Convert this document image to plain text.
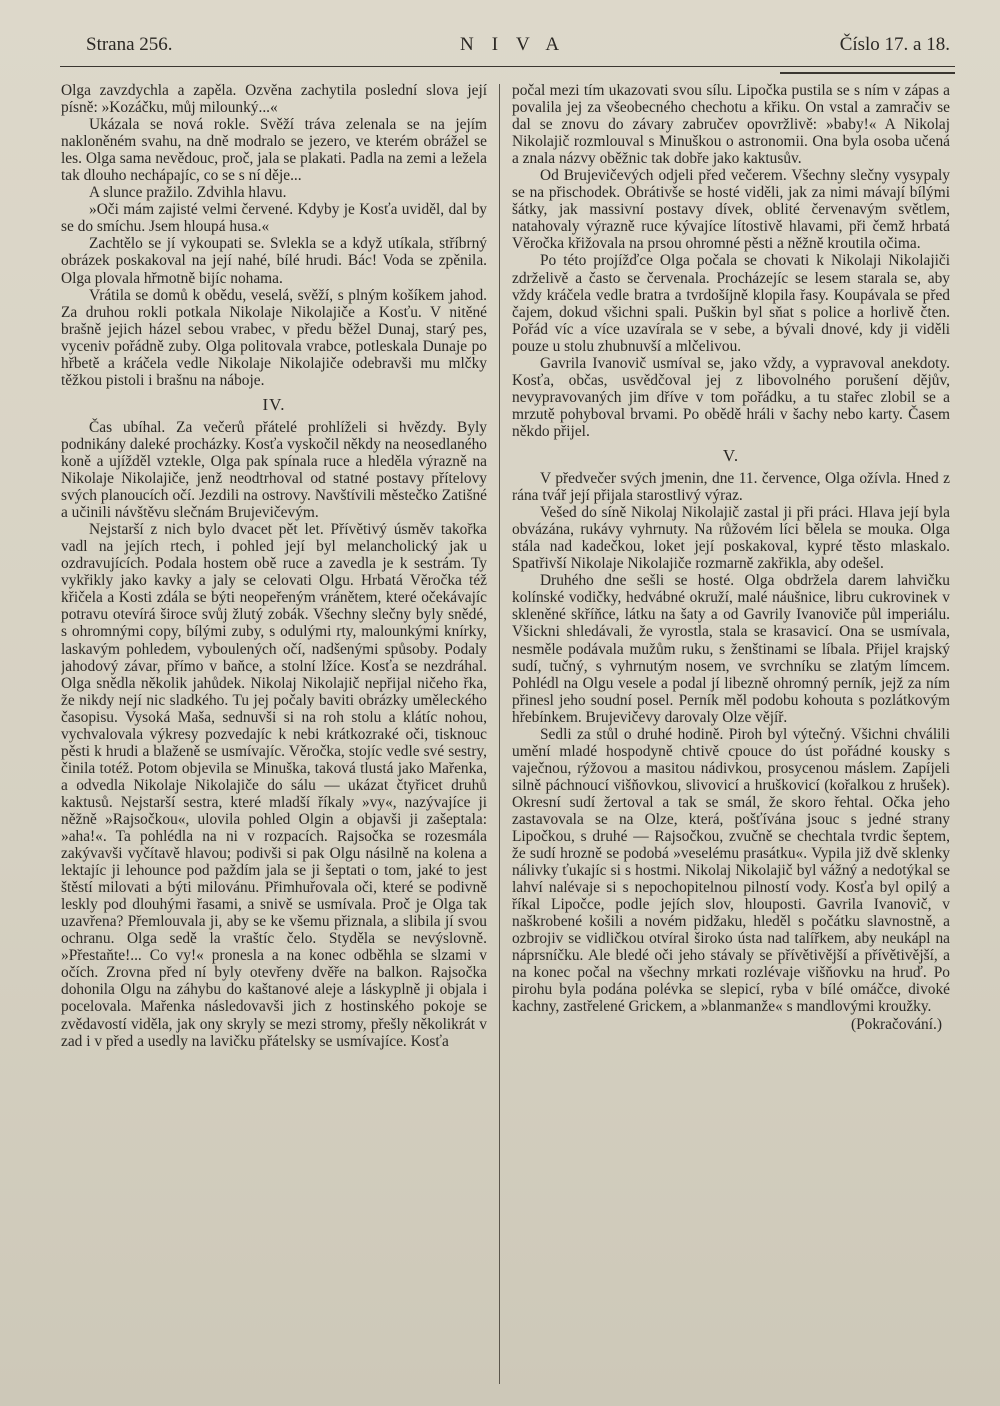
Strana 256.	NIVA	Číslo 17. a 18.

Olga zavzdychla a zapěla. Ozvěna zachytila poslední slova její písně: »Kozáčku, můj milounký...«

Ukázala se nová rokle. Svěží tráva zelenala se na jejím nakloněném svahu, na dně modralo se jezero, ve kterém obrážel se les. Olga sama nevědouc, proč, jala se plakati. Padla na zemi a ležela tak dlouho nechápajíc, co se s ní děje...

A slunce pražilo. Zdvihla hlavu.

»Oči mám zajisté velmi červené. Kdyby je Kosťa uviděl, dal by se do smíchu. Jsem hloupá husa.«

Zachtělo se jí vykoupati se. Svlekla se a když utíkala, stříbrný obrázek poskakoval na její nahé, bílé hrudi. Bác! Voda se zpěnila. Olga plovala hřmotně bijíc nohama.

Vrátila se domů k obědu, veselá, svěží, s plným košíkem jahod. Za druhou rokli potkala Nikolaje Nikolajiče a Kosťu. V nitěné brašně jejich házel sebou vrabec, v předu běžel Dunaj, starý pes, vyceniv pořádně zuby. Olga politovala vrabce, potleskala Dunaje po hřbetě a kráčela vedle Nikolaje Nikolajiče odebravši mu mlčky těžkou pistoli i brašnu na náboje.

IV.

Čas ubíhal. Za večerů přátelé prohlíželi si hvězdy. Byly podnikány daleké procházky. Kosťa vyskočil někdy na neosedlaného koně a ujížděl vzteklе, Olga pak spínala ruce a hleděla výrazně na Nikolaje Nikolajiče, jenž neodtrhoval od statné postavy přítelovy svých planoucích očí. Jezdili na ostrovy. Navštívili městečko Zatišné a učinili návštěvu slečnám Brujevičevým.

Nejstarší z nich bylo dvacet pět let. Přívětivý úsměv takořka vadl na jejích rtech, i pohled její byl melancholický jak u ozdravujících. Podala hostem obě ruce a zavedla je k sestrám. Ty vykřikly jako kavky a jaly se celovati Olgu. Hrbatá Věročka též křičela a Kosti zdála se býti neopeřeným vránětem, které očekávajíc potravu otevírá široce svůj žlutý zobák. Všechny slečny byly snědé, s ohromnými copy, bílými zuby, s odulými rty, malounkými knírky, laskavým pohledem, vyboulených očí, nadšenými spůsoby. Podaly jahodový závar, přímo v baňce, a stolní lžíce. Kosťa se nezdráhal. Olga snědla několik jahůdek. Nikolaj Nikolajič nepřijal ničeho řka, že nikdy nejí nic sladkého. Tu jej počaly baviti obrázky uměleckého časopisu. Vysoká Maša, sednuvši si na roh stolu a klátíc nohou, vychvalovala výkresy pozvedajíc k nebi krátkozraké oči, tisknouc pěsti k hrudi a blaženě se usmívajíc. Věročka, stojíc vedle své sestry, činila totéž. Potom objevila se Minuška, taková tlustá jako Mařenka, a odvedla Nikolaje Nikolajiče do sálu — ukázat čtyřicet druhů kaktusů. Nejstarší sestra, které mladší říkaly »vy«, nazývajíce ji něžně »Rajsočkou«, ulovila pohled Olgin a objavši ji zašeptala: »aha!«. Ta pohlédla na ni v rozpacích. Rajsočka se rozesmála zakývavši vyčítavě hlavou; podivši si pak Olgu násilně na kolena a lektajíc ji lehounce pod paždím jala se ji šeptati o tom, jaké to jest štěstí milovati a býti milovánu. Přimhuřovala oči, které se podivně leskly pod dlouhými řasami, a snivě se usmívala. Proč je Olga tak uzavřena? Přemlouvala ji, aby se ke všemu přiznala, a slibila jí svou ochranu. Olga sedě la vraštíc čelo. Styděla se nevýslovně. »Přestaňte!... Co vy!« pronesla a na konec odběhla se slzami v očích. Zrovna před ní byly otevřeny dvěře na balkon. Rajsočka dohonila Olgu na záhybu do kaštanové aleje a láskyplně ji objala i pocelovala. Mařenka následovavši jich z hostinského pokoje se zvědavostí viděla, jak ony skryly se mezi stromy, přešly několikrát v zad i v před a usedly na lavičku přátelsky se usmívajíce. Kosťa

počal mezi tím ukazovati svou sílu. Lipočka pustila se s ním v zápas a povalila jej za všeobecného chechotu a křiku. On vstal a zamračiv se dal se znovu do závary zabručev opovržlivě: »baby!« A Nikolaj Nikolajič rozmlouval s Minuškou o astronomii. Ona byla osoba učená a znala názvy oběžnic tak dobře jako kaktusův.

Od Brujevičevých odjeli před večerem. Všechny slečny vysypaly se na přischodek. Obrátivše se hosté viděli, jak za nimi mávají bílými šátky, jak massivní postavy dívek, oblité červenavým světlem, natahovaly výrazně ruce kývajíce lítostivě hlavami, při čemž hrbatá Věročka křižovala na prsou ohromné pěsti a něžně kroutila očima.

Po této projížďce Olga počala se chovati k Nikolaji Nikolajiči zdrželivě a často se červenala. Procházejíc se lesem starala se, aby vždy kráčela vedle bratra a tvrdošíjně klopila řasy. Koupávala se před čajem, dokud všichni spali. Puškin byl sňat s police a horlivě čten. Pořád víc a více uzavírala se v sebe, a bývali dnové, kdy ji viděli pouze u stolu zhubnuvší a mlčelivou.

Gavrila Ivanovič usmíval se, jako vždy, a vypravoval anekdoty. Kosťa, občas, usvědčoval jej z libovolného porušení dějův, nevypravovaných jim dříve v tom pořádku, a tu stařec zlobil se a mrzutě pohyboval brvami. Po obědě hráli v šachy nebo karty. Časem někdo přijel.

V.

V předvečer svých jmenin, dne 11. července, Olga ožívla. Hned z rána tvář její přijala starostlivý výraz.

Vešed do síně Nikolaj Nikolajič zastal ji při práci. Hlava její byla obvázána, rukávy vyhrnuty. Na růžovém líci bělela se mouka. Olga stála nad kadečkou, loket její poskakoval, kypré těsto mlaskalo. Spatřivší Nikolaje Nikolajiče rozmarně zakřikla, aby odešel.

Druhého dne sešli se hosté. Olga obdržela darem lahvičku kolínské vodičky, hedvábné okruží, malé náušnice, libru cukrovinek v skleněné skříňce, látku na šaty a od Gavrily Ivanoviče půl imperiálu. Všickni shledávali, že vyrostla, stala se krasavicí. Ona se usmívala, nesměle podávala mužům ruku, s ženštinami se líbala. Přijel krajský sudí, tučný, s vyhrnutým nosem, ve svrchníku se zlatým límcem. Pohlédl na Olgu vesele a podal jí libezně ohromný perník, jejž za ním přinesl jeho soudní posel. Perník měl podobu kohouta s pozlátkovým hřebínkem. Brujevičevy darovaly Olze vějíř.

Sedli za stůl o druhé hodině. Piroh byl výtečný. Všichni chválili umění mladé hospodyně chtivě cpouce do úst pořádné kousky s vaječnou, rýžovou a masitou nádivkou, prosycenou máslem. Zapíjeli silně páchnoucí višňovkou, slivovicí a hruškovicí (kořalkou z hrušek). Okresní sudí žertoval a tak se smál, že skoro řehtal. Očka jeho zastavovala se na Olze, která, pošťívána jsouc s jedné strany Lipočkou, s druhé — Rajsočkou, zvučně se chechtala tvrdic šeptem, že sudí hrozně se podobá »veselému prasátku«. Vypila již dvě sklenky nálivky ťukajíc si s hostmi. Nikolaj Nikolajič byl vážný a nedotýkal se lahví nalévaje si s nepochopitelnou pilností vody. Kosťa byl opilý a říkal Lipočce, podle jejích slov, hlouposti. Gavrila Ivanovič, v naškrobené košili a novém pidžaku, hleděl s počátku slavnostně, a ozbrojiv se vidličkou otvíral široko ústa nad talířkem, aby neukápl na náprsníčku. Ale bledé oči jeho stávaly se přívětivější a přívětivější, a na konec počal na všechny mrkati rozlévaje višňovku na hruď. Po pirohu byla podána polévka se slepicí, ryba v bílé omáčce, divoké kachny, zastřelené Grickem, a »blanmanže« s mandlovými kroužky.

(Pokračování.)
